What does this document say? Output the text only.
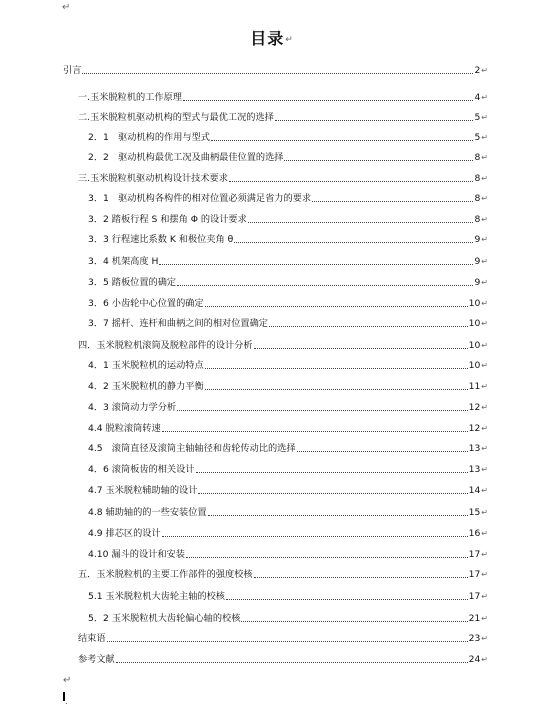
↵
目录↵
引言	2 ↵
一.玉米脱粒机的工作原理	4 ↵
二.玉米脱粒机驱动机构的型式与最优工况的选择	5 ↵
2．1　驱动机构的作用与型式	5 ↵
2．2　驱动机构最优工况及曲柄最佳位置的选择	8 ↵
三.玉米脱粒机驱动机构设计技术要求	8 ↵
3．1　驱动机构各构件的相对位置必须满足省力的要求	8 ↵
3．2 踏板行程 S 和摆角 Φ 的设计要求	8 ↵
3．3 行程速比系数 K 和极位夹角 θ	9 ↵
3．4 机架高度 H	9 ↵
3．5 踏板位置的确定	9 ↵
3．6 小齿轮中心位置的确定	10 ↵
3．7 摇杆、连杆和曲柄之间的相对位置确定	10 ↵
四．玉米脱粒机滚筒及脱粒部件的设计分析	10 ↵
4．1 玉米脱粒机的运动特点	10 ↵
4．2 玉米脱粒机的静力平衡	11 ↵
4．3 滚筒动力学分析	12 ↵
4.4 脱粒滚筒转速	12 ↵
4.5　滚筒直径及滚筒主轴轴径和齿轮传动比的选择	13 ↵
4．6 滚筒板齿的相关设计	13 ↵
4.7 玉米脱粒辅助轴的设计	14 ↵
4.8 辅助轴的的一些安装位置	15 ↵
4.9 排芯区的设计	16 ↵
4.10 漏斗的设计和安装	17 ↵
五．玉米脱粒机的主要工作部件的强度校核	17 ↵
5.1 玉米脱粒机大齿轮主轴的校核	17 ↵
5．2 玉米脱粒机大齿轮偏心轴的校核	21 ↵
结束语	23 ↵
参考文献	24 ↵
↵
.
